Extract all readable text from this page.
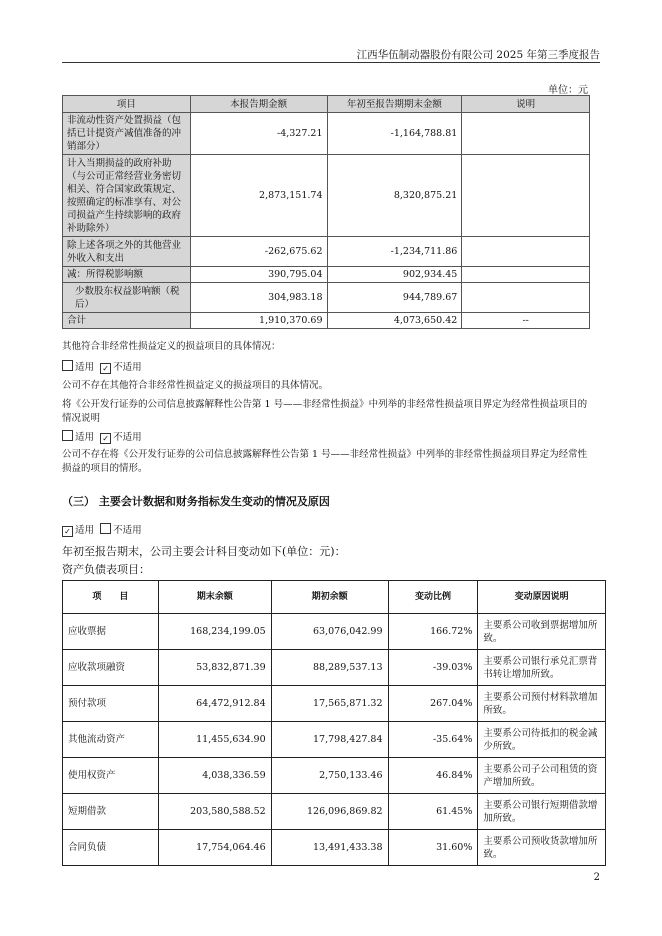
江西华伍制动器股份有限公司 2025 年第三季度报告
单位：元
项目	本报告期金额	年初至报告期期末金额	说明
非流动性资产处置损益（包括已计提资产减值准备的冲销部分）	-4,327.21	-1,164,788.81	
计入当期损益的政府补助（与公司正常经营业务密切相关、符合国家政策规定、按照确定的标准享有、对公司损益产生持续影响的政府补助除外）	2,873,151.74	8,320,875.21	
除上述各项之外的其他营业外收入和支出	-262,675.62	-1,234,711.86	
减：所得税影响额	390,795.04	902,934.45	
少数股东权益影响额（税后）	304,983.18	944,789.67	
合计	1,910,370.69	4,073,650.42	--
其他符合非经常性损益定义的损益项目的具体情况：
适用 ✓ 不适用
公司不存在其他符合非经常性损益定义的损益项目的具体情况。
将《公开发行证券的公司信息披露解释性公告第 1 号——非经常性损益》中列举的非经常性损益项目界定为经常性损益项目的情况说明
适用 ✓ 不适用
公司不存在将《公开发行证券的公司信息披露解释性公告第 1 号——非经常性损益》中列举的非经常性损益项目界定为经常性损益的项目的情形。
（三） 主要会计数据和财务指标发生变动的情况及原因
✓ 适用 不适用
年初至报告期末，公司主要会计科目变动如下(单位：元)：
资产负债表项目：
项　　目	期末余额	期初余额	变动比例	变动原因说明
应收票据	168,234,199.05	63,076,042.99	166.72%	主要系公司收到票据增加所致。
应收款项融资	53,832,871.39	88,289,537.13	-39.03%	主要系公司银行承兑汇票背书转让增加所致。
预付款项	64,472,912.84	17,565,871.32	267.04%	主要系公司预付材料款增加所致。
其他流动资产	11,455,634.90	17,798,427.84	-35.64%	主要系公司待抵扣的税金减少所致。
使用权资产	4,038,336.59	2,750,133.46	46.84%	主要系公司子公司租赁的资产增加所致。
短期借款	203,580,588.52	126,096,869.82	61.45%	主要系公司银行短期借款增加所致。
合同负债	17,754,064.46	13,491,433.38	31.60%	主要系公司预收货款增加所致。
2
